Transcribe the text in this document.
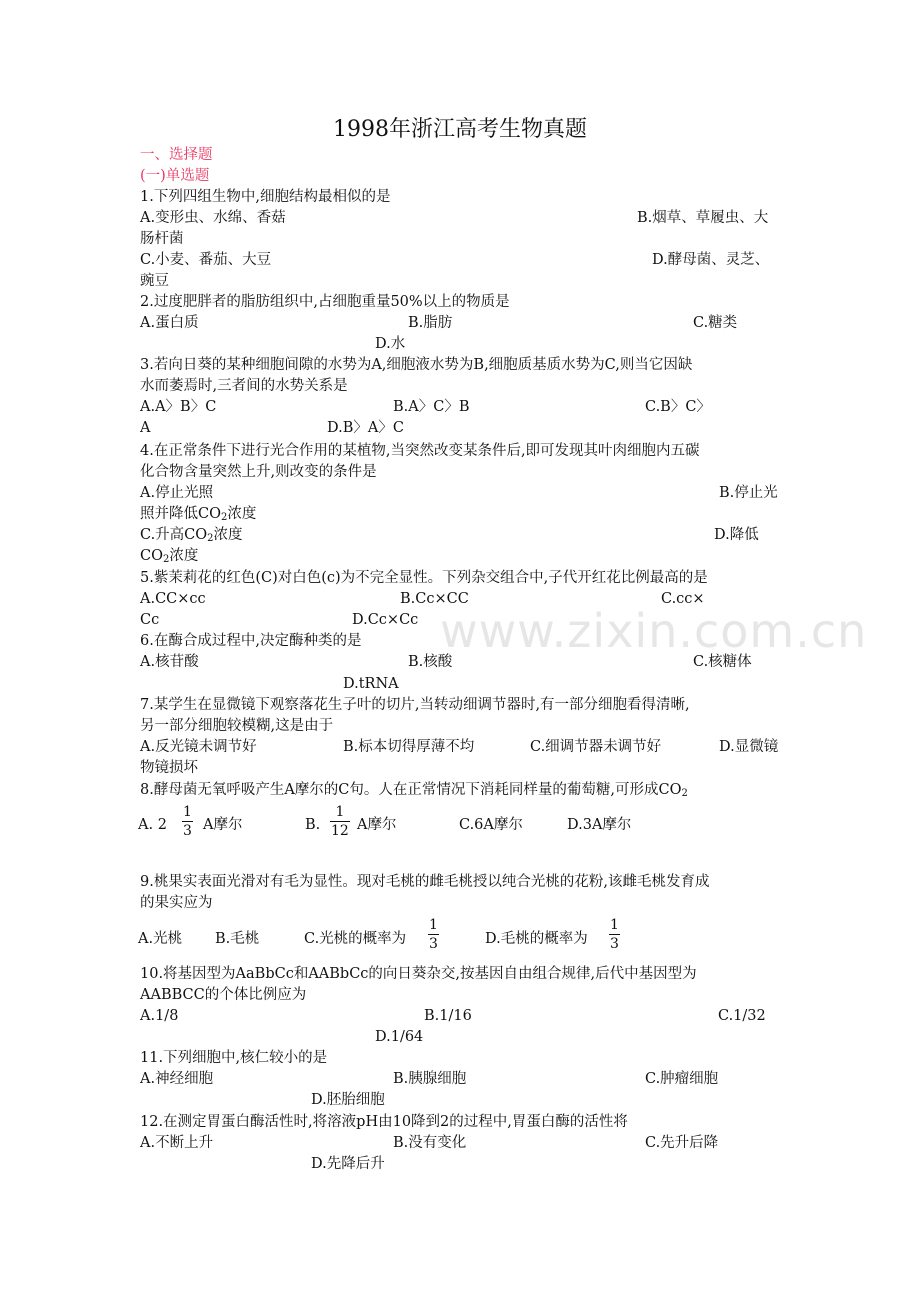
www.zixin.com.cn
1998年浙江高考生物真题
一、选择题
(一)单选题
1.下列四组生物中,细胞结构最相似的是
A.变形虫、水绵、香菇	B.烟草、草履虫、大
肠杆菌
C.小麦、番茄、大豆	D.酵母菌、灵芝、
豌豆
2.过度肥胖者的脂肪组织中,占细胞重量50%以上的物质是
A.蛋白质	B.脂肪	C.糖类
D.水
3.若向日葵的某种细胞间隙的水势为A,细胞液水势为B,细胞质基质水势为C,则当它因缺
水而萎焉时,三者间的水势关系是
A.A〉B〉C	B.A〉C〉B	C.B〉C〉
A	D.B〉A〉C
4.在正常条件下进行光合作用的某植物,当突然改变某条件后,即可发现其叶肉细胞内五碳
化合物含量突然上升,则改变的条件是
A.停止光照	B.停止光
照并降低$CO_2$浓度
C.升高$CO_2$浓度	D.降低
$CO_2$浓度
5.紫茉莉花的红色(C)对白色(c)为不完全显性。下列杂交组合中,子代开红花比例最高的是
A.CC×cc	B.Cc×CC	C.cc×
Cc	D.Cc×Cc
6.在酶合成过程中,决定酶种类的是
A.核苷酸	B.核酸	C.核糖体
D.tRNA
7.某学生在显微镜下观察落花生子叶的切片,当转动细调节器时,有一部分细胞看得清晰,
另一部分细胞较模糊,这是由于
A.反光镜未调节好	B.标本切得厚薄不均	C.细调节器未调节好	D.显微镜
物镜损坏
8.酵母菌无氧呼吸产生A摩尔的C句。人在正常情况下消耗同样量的葡萄糖,可形成$CO_2$
A. 2
1
3 A摩尔	B.
1
12 A摩尔	C.6A摩尔	D.3A摩尔
9.桃果实表面光滑对有毛为显性。现对毛桃的雌毛桃授以纯合光桃的花粉,该雌毛桃发育成
的果实应为
A.光桃 B.毛桃	C.光桃的概率为
1
3	D.毛桃的概率为
1
3
10.将基因型为AaBbCc和AABbCc的向日葵杂交,按基因自由组合规律,后代中基因型为
AABBCC的个体比例应为
A.1/8	B.1/16	C.1/32
D.1/64
11.下列细胞中,核仁较小的是
A.神经细胞	B.胰腺细胞	C.肿瘤细胞
D.胚胎细胞
12.在测定胃蛋白酶活性时,将溶液pH由10降到2的过程中,胃蛋白酶的活性将
A.不断上升	B.没有变化	C.先升后降
D.先降后升
